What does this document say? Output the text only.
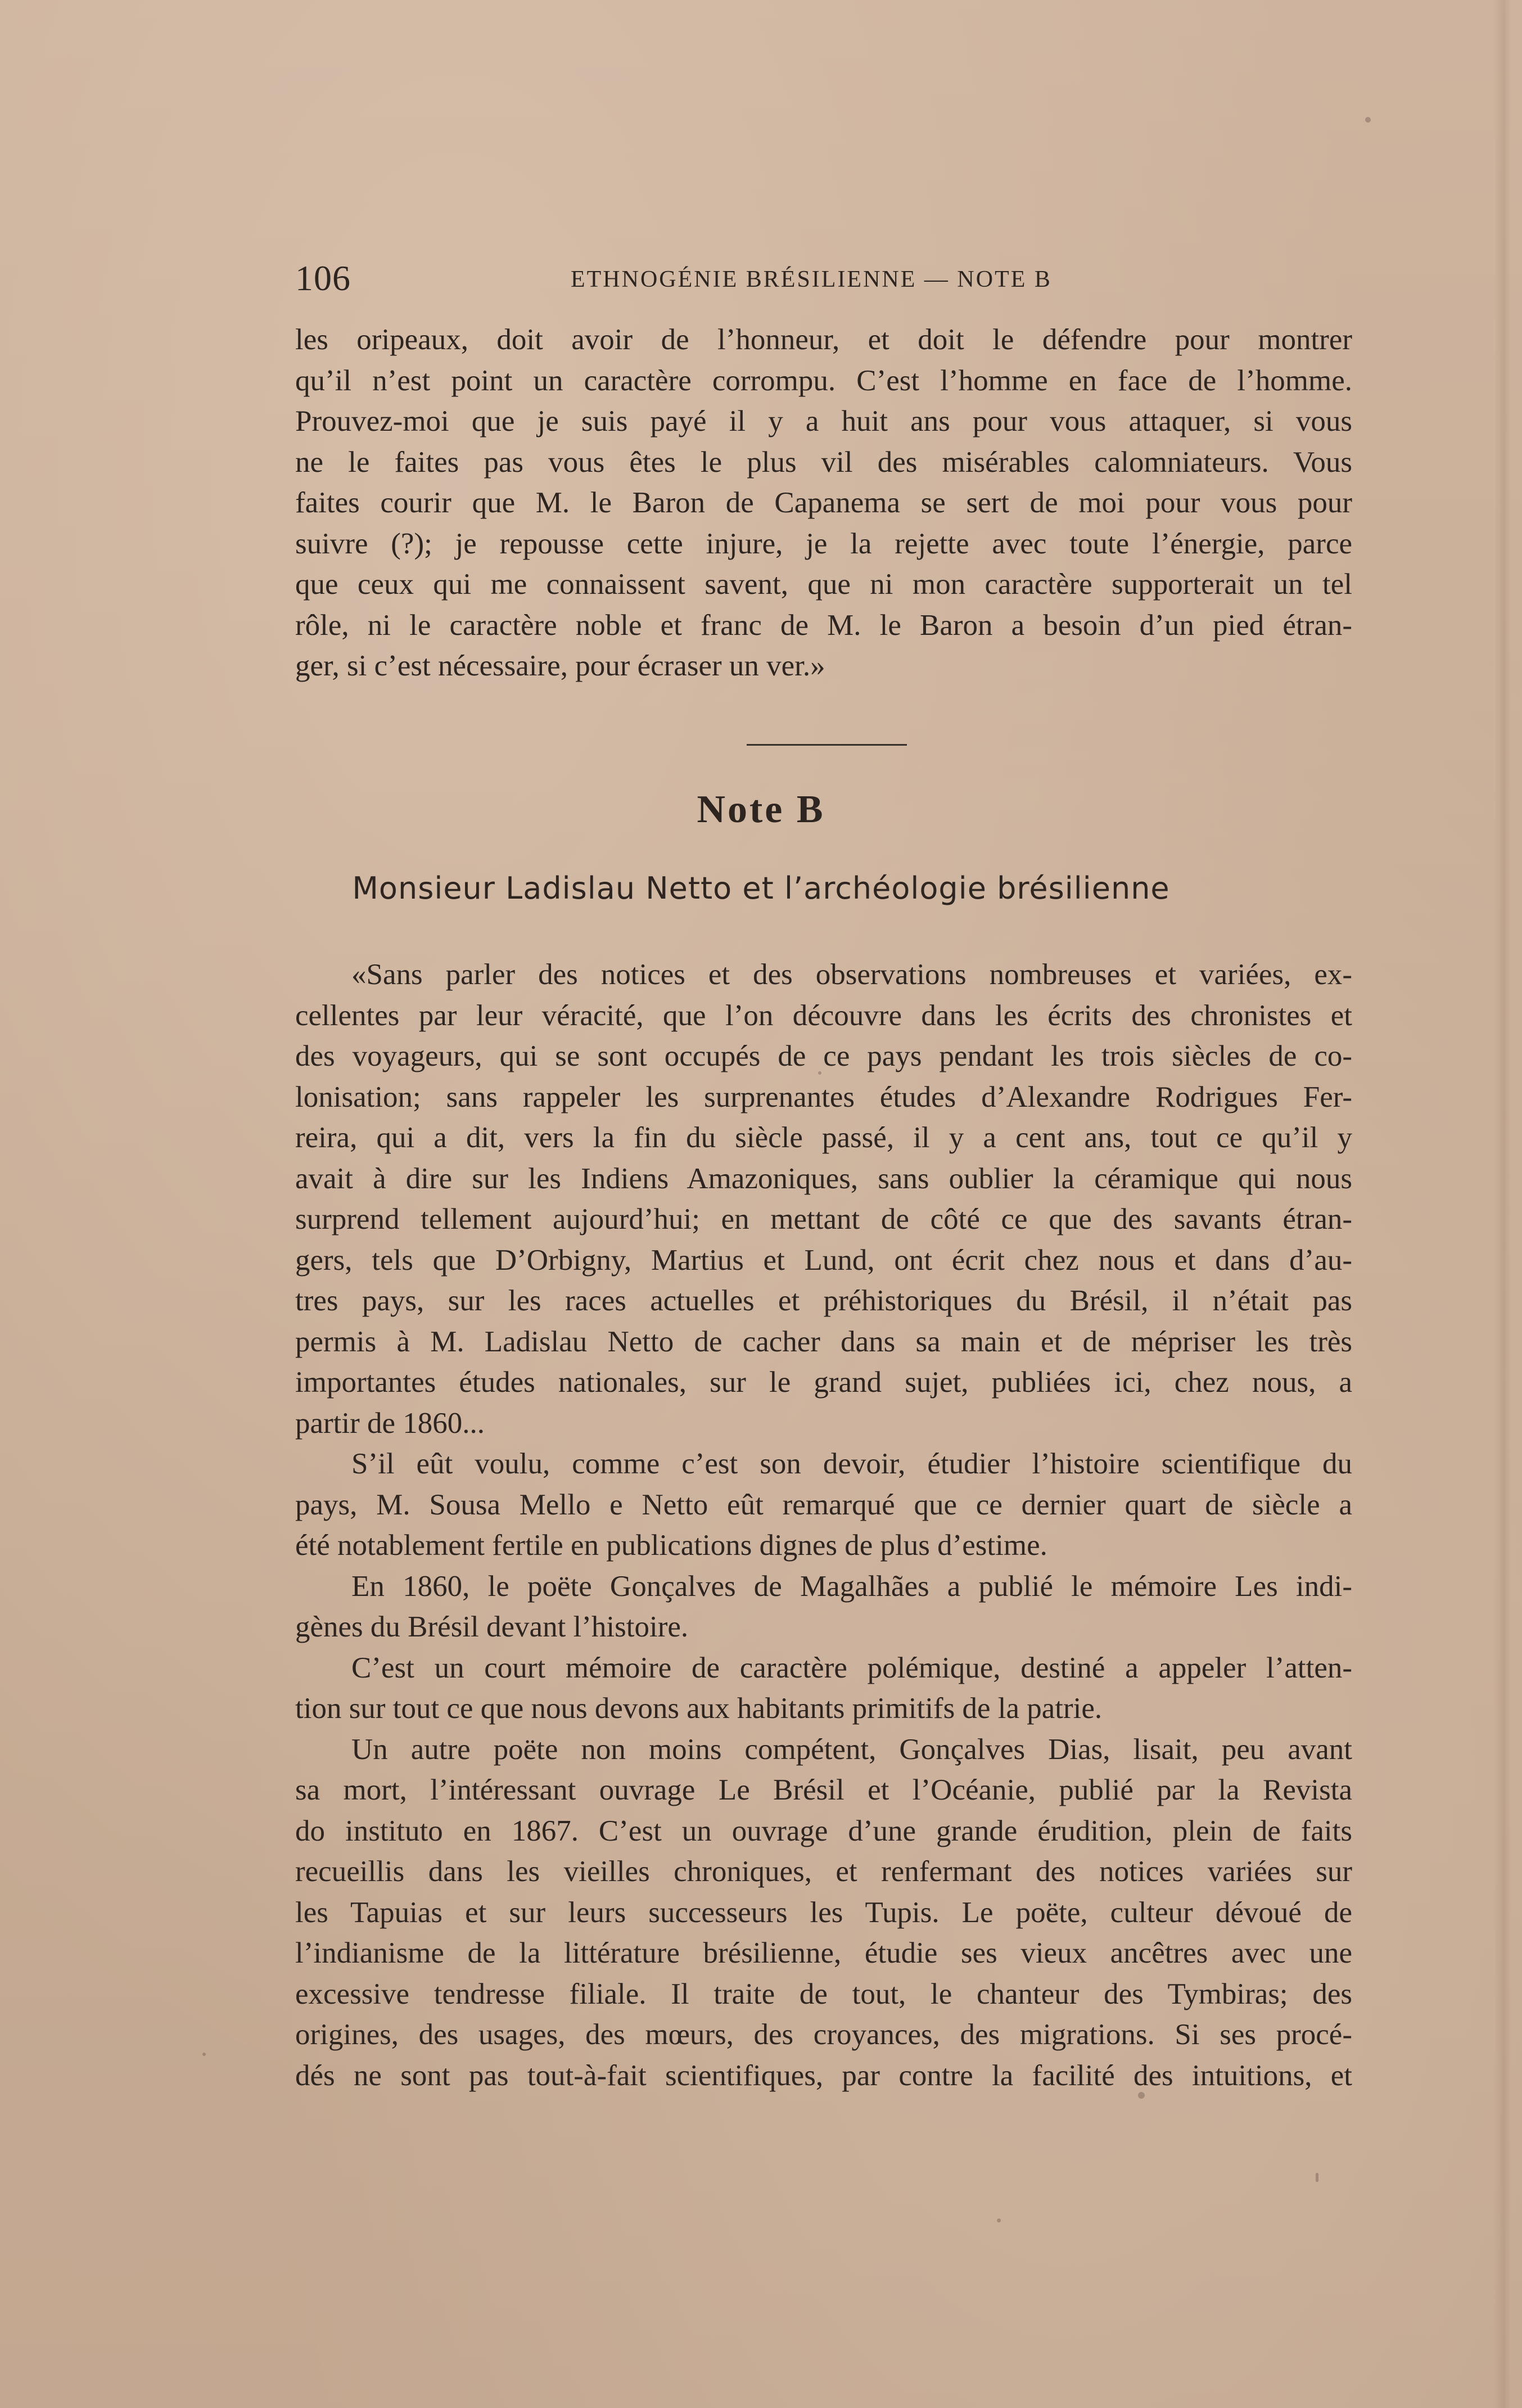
106	ETHNOGÉNIE BRÉSILIENNE — NOTE B
les oripeaux, doit avoir de l’honneur, et doit le défendre pour montrer
qu’il n’est point un caractère corrompu. C’est l’homme en face de l’homme.
Prouvez-moi que je suis payé il y a huit ans pour vous attaquer, si vous
ne le faites pas vous êtes le plus vil des misérables calomniateurs. Vous
faites courir que M. le Baron de Capanema se sert de moi pour vous pour
suivre (?); je repousse cette injure, je la rejette avec toute l’énergie, parce
que ceux qui me connaissent savent, que ni mon caractère supporterait un tel
rôle, ni le caractère noble et franc de M. le Baron a besoin d’un pied étran-
ger, si c’est nécessaire, pour écraser un ver.»
Note B
Monsieur Ladislau Netto et l’archéologie brésilienne
«Sans parler des notices et des observations nombreuses et variées, ex-
cellentes par leur véracité, que l’on découvre dans les écrits des chronistes et
des voyageurs, qui se sont occupés de ce pays pendant les trois siècles de co-
lonisation; sans rappeler les surprenantes études d’Alexandre Rodrigues Fer-
reira, qui a dit, vers la fin du siècle passé, il y a cent ans, tout ce qu’il y
avait à dire sur les Indiens Amazoniques, sans oublier la céramique qui nous
surprend tellement aujourd’hui; en mettant de côté ce que des savants étran-
gers, tels que D’Orbigny, Martius et Lund, ont écrit chez nous et dans d’au-
tres pays, sur les races actuelles et préhistoriques du Brésil, il n’était pas
permis à M. Ladislau Netto de cacher dans sa main et de mépriser les très
importantes études nationales, sur le grand sujet, publiées ici, chez nous, a
partir de 1860...
S’il eût voulu, comme c’est son devoir, étudier l’histoire scientifique du
pays, M. Sousa Mello e Netto eût remarqué que ce dernier quart de siècle a
été notablement fertile en publications dignes de plus d’estime.
En 1860, le poëte Gonçalves de Magalhães a publié le mémoire Les indi-
gènes du Brésil devant l’histoire.
C’est un court mémoire de caractère polémique, destiné a appeler l’atten-
tion sur tout ce que nous devons aux habitants primitifs de la patrie.
Un autre poëte non moins compétent, Gonçalves Dias, lisait, peu avant
sa mort, l’intéressant ouvrage Le Brésil et l’Océanie, publié par la Revista
do instituto en 1867. C’est un ouvrage d’une grande érudition, plein de faits
recueillis dans les vieilles chroniques, et renfermant des notices variées sur
les Tapuias et sur leurs successeurs les Tupis. Le poëte, culteur dévoué de
l’indianisme de la littérature brésilienne, étudie ses vieux ancêtres avec une
excessive tendresse filiale. Il traite de tout, le chanteur des Tymbiras; des
origines, des usages, des mœurs, des croyances, des migrations. Si ses procé-
dés ne sont pas tout-à-fait scientifiques, par contre la facilité des intuitions, et
